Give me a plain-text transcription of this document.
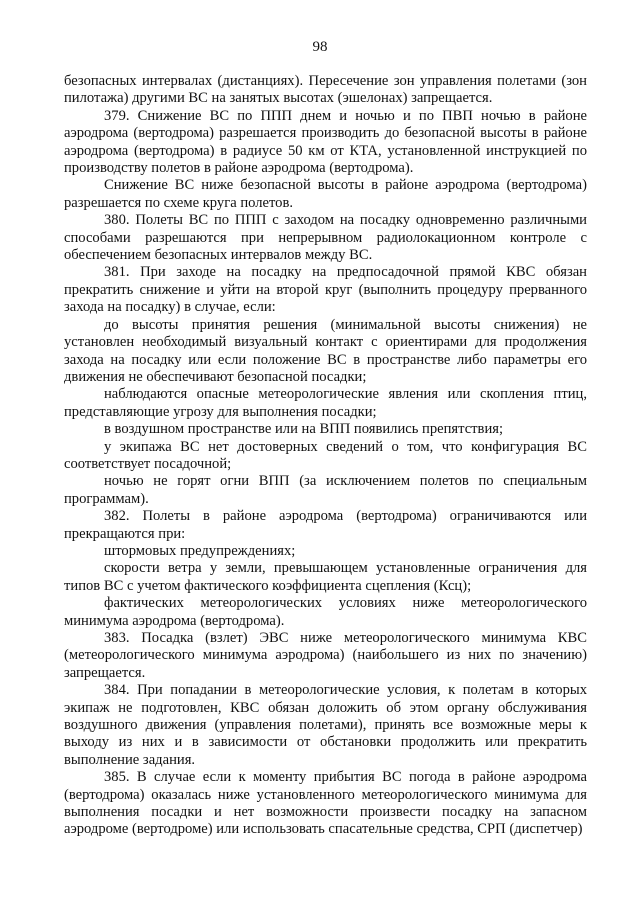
98

безопасных интервалах (дистанциях). Пересечение зон управления полетами (зон пилотажа) другими ВС на занятых высотах (эшелонах) запрещается.

379. Снижение ВС по ППП днем и ночью и по ПВП ночью в районе аэродрома (вертодрома) разрешается производить до безопасной высоты в районе аэродрома (вертодрома) в радиусе 50 км от КТА, установленной инструкцией по производству полетов в районе аэродрома (вертодрома).

Снижение ВС ниже безопасной высоты в районе аэродрома (вертодрома) разрешается по схеме круга полетов.

380. Полеты ВС по ППП с заходом на посадку одновременно различными способами разрешаются при непрерывном радиолокационном контроле с обеспечением безопасных интервалов между ВС.

381. При заходе на посадку на предпосадочной прямой КВС обязан прекратить снижение и уйти на второй круг (выполнить процедуру прерванного захода на посадку) в случае, если:

до высоты принятия решения (минимальной высоты снижения) не установлен необходимый визуальный контакт с ориентирами для продолжения захода на посадку или если положение ВС в пространстве либо параметры его движения не обеспечивают безопасной посадки;

наблюдаются опасные метеорологические явления или скопления птиц, представляющие угрозу для выполнения посадки;

в воздушном пространстве или на ВПП появились препятствия;

у экипажа ВС нет достоверных сведений о том, что конфигурация ВС соответствует посадочной;

ночью не горят огни ВПП (за исключением полетов по специальным программам).

382. Полеты в районе аэродрома (вертодрома) ограничиваются или прекращаются при:

штормовых предупреждениях;

скорости ветра у земли, превышающем установленные ограничения для типов ВС с учетом фактического коэффициента сцепления (Ксц);

фактических метеорологических условиях ниже метеорологического минимума аэродрома (вертодрома).

383. Посадка (взлет) ЭВС ниже метеорологического минимума КВС (метеорологического минимума аэродрома) (наибольшего из них по значению) запрещается.

384. При попадании в метеорологические условия, к полетам в которых экипаж не подготовлен, КВС обязан доложить об этом органу обслуживания воздушного движения (управления полетами), принять все возможные меры к выходу из них и в зависимости от обстановки продолжить или прекратить выполнение задания.

385. В случае если к моменту прибытия ВС погода в районе аэродрома (вертодрома) оказалась ниже установленного метеорологического минимума для выполнения посадки и нет возможности произвести посадку на запасном аэродроме (вертодроме) или использовать спасательные средства, СРП (диспетчер)
